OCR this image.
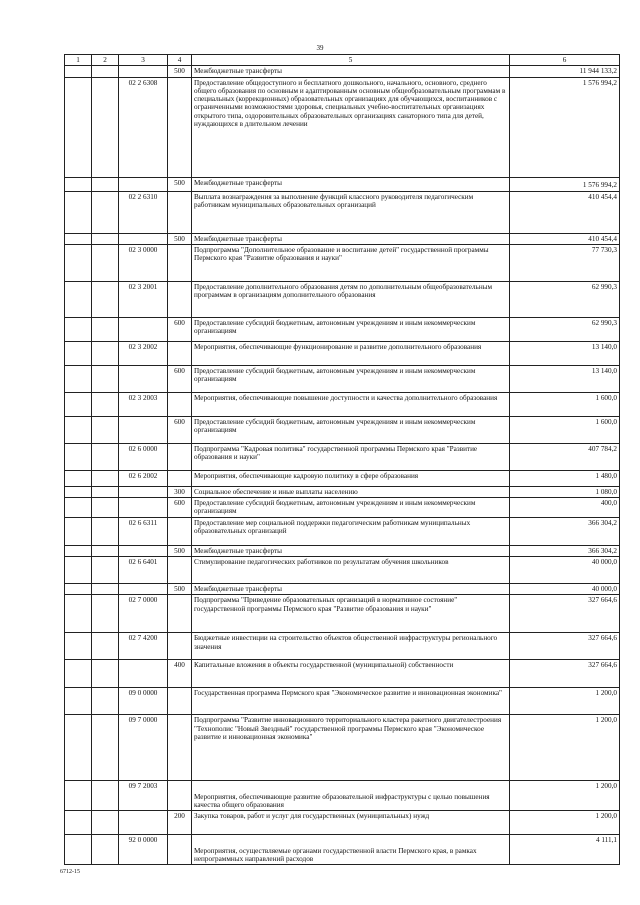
39
1	2	3	4	5	6
			500	Межбюджетные трансферты	11 944 133,2
		02 2 6308		Предоставление общедоступного и бесплатного дошкольного, начального, основного, среднего общего образования по основным и адаптированным основным общеобразовательным программам в специальных (коррекционных) образовательных организациях для обучающихся, воспитанников с ограниченными возможностями здоровья, специальных учебно-воспитательных организациях открытого типа, оздоровительных образовательных организациях санаторного типа для детей, нуждающихся в длительном лечении	1 576 994,2
			500	Межбюджетные трансферты	1 576 994,2
		02 2 6310		Выплата вознаграждения за выполнение функций классного руководителя педагогическим работникам муниципальных образовательных организаций	410 454,4
			500	Межбюджетные трансферты	410 454,4
		02 3 0000		Подпрограмма "Дополнительное образование и воспитание детей" государственной программы Пермского края "Развитие образования и науки"	77 730,3
		02 3 2001		Предоставление дополнительного образования детям по дополнительным общеобразовательным программам в организациям дополнительного образования	62 990,3
			600	Предоставление субсидий бюджетным, автономным учреждениям и иным некоммерческим организациям	62 990,3
		02 3 2002		Мероприятия, обеспечивающие функционирование и развитие дополнительного образования	13 140,0
			600	Предоставление субсидий бюджетным, автономным учреждениям и иным некоммерческим организациям	13 140,0
		02 3 2003		Мероприятия, обеспечивающие повышение доступности и качества дополнительного образования	1 600,0
			600	Предоставление субсидий бюджетным, автономным учреждениям и иным некоммерческим организациям	1 600,0
		02 6 0000		Подпрограмма "Кадровая политика" государственной программы Пермского края "Развитие образования и науки"	407 784,2
		02 6 2002		Мероприятия, обеспечивающие кадровую политику в сфере образования	1 480,0
			300	Социальное обеспечение и иные выплаты населению	1 080,0
			600	Предоставление субсидий бюджетным, автономным учреждениям и иным некоммерческим организациям	400,0
		02 6 6311		Предоставление мер социальной поддержки педагогическим работникам муниципальных образовательных организаций	366 304,2
			500	Межбюджетные трансферты	366 304,2
		02 6 6401		Стимулирование педагогических работников по результатам обучения школьников	40 000,0
			500	Межбюджетные трансферты	40 000,0
		02 7 0000		Подпрограмма "Приведение образовательных организаций в нормативное состояние" государственной программы Пермского края "Развитие образования и науки"	327 664,6
		02 7 4200		Бюджетные инвестиции на строительство объектов общественной инфраструктуры регионального значения	327 664,6
			400	Капитальные вложения в объекты государственной (муниципальной) собственности	327 664,6
		09 0 0000		Государственная программа Пермского края "Экономическое развитие и инновационная экономика"	1 200,0
		09 7 0000		Подпрограмма "Развитие инновационного территориального кластера ракетного двигателестроения "Технополис "Новый Звездный" государственной программы Пермского края "Экономическое развитие и инновационная экономика"	1 200,0
		09 7 2003		Мероприятия, обеспечивающие развитие образовательной инфраструктуры с целью повышения качества общего образования	1 200,0
			200	Закупка товаров, работ и услуг для государственных (муниципальных) нужд	1 200,0
		92 0 0000		Мероприятия, осуществляемые органами государственной власти Пермского края, в рамках непрограммных направлений расходов	4 111,1
6712-15
